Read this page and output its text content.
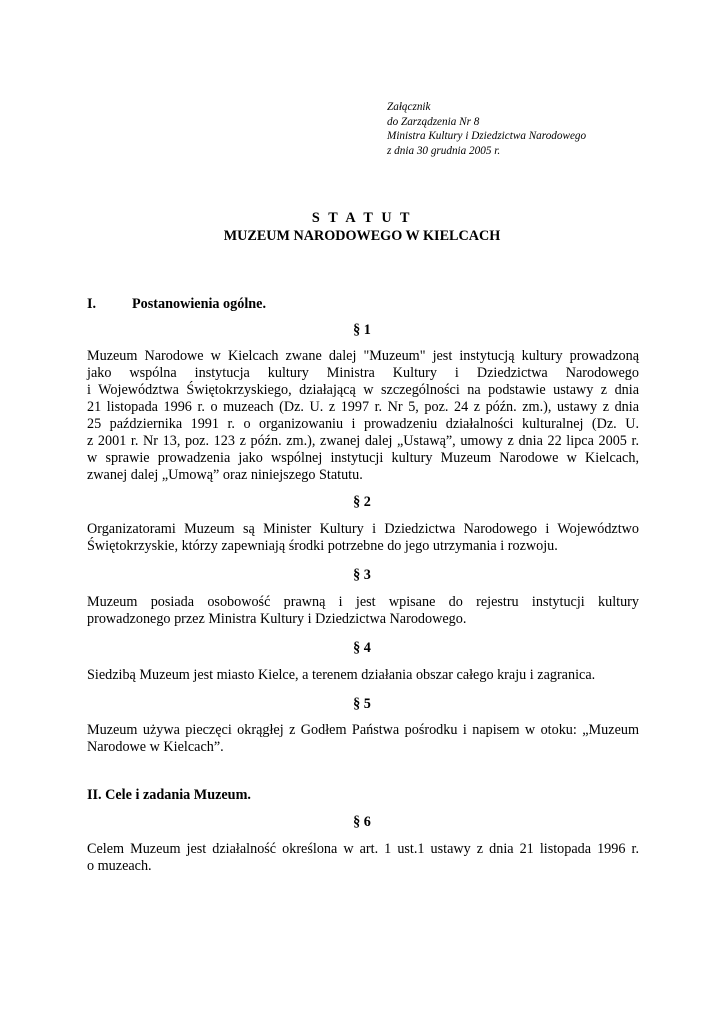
Załącznik
do Zarządzenia Nr 8
Ministra Kultury i Dziedzictwa Narodowego
z dnia 30 grudnia 2005 r.
S T A T U T
MUZEUM NARODOWEGO W KIELCACH
I.	Postanowienia ogólne.
§ 1
Muzeum Narodowe w Kielcach zwane dalej "Muzeum" jest instytucją kultury prowadzoną
jako wspólna instytucja kultury Ministra Kultury i Dziedzictwa Narodowego
i Województwa Świętokrzyskiego, działającą w szczególności na podstawie ustawy z dnia
21 listopada 1996 r. o muzeach (Dz. U. z 1997 r. Nr 5, poz. 24 z późn. zm.), ustawy z dnia
25 października 1991 r. o organizowaniu i prowadzeniu działalności kulturalnej (Dz. U.
z 2001 r. Nr 13, poz. 123 z późn. zm.), zwanej dalej „Ustawą”, umowy z dnia 22 lipca 2005 r.
w sprawie prowadzenia jako wspólnej instytucji kultury Muzeum Narodowe w Kielcach,
zwanej dalej „Umową” oraz niniejszego Statutu.
§ 2
Organizatorami Muzeum są Minister Kultury i Dziedzictwa Narodowego i Województwo
Świętokrzyskie, którzy zapewniają środki potrzebne do jego utrzymania i rozwoju.
§ 3
Muzeum posiada osobowość prawną i jest wpisane do rejestru instytucji kultury
prowadzonego przez Ministra Kultury i Dziedzictwa Narodowego.
§ 4
Siedzibą Muzeum jest miasto Kielce, a terenem działania obszar całego kraju i zagranica.
§ 5
Muzeum używa pieczęci okrągłej z Godłem Państwa pośrodku i napisem w otoku: „Muzeum
Narodowe w Kielcach”.
II. Cele i zadania Muzeum.
§ 6
Celem Muzeum jest działalność określona w art. 1 ust.1 ustawy z dnia 21 listopada 1996 r.
o muzeach.
